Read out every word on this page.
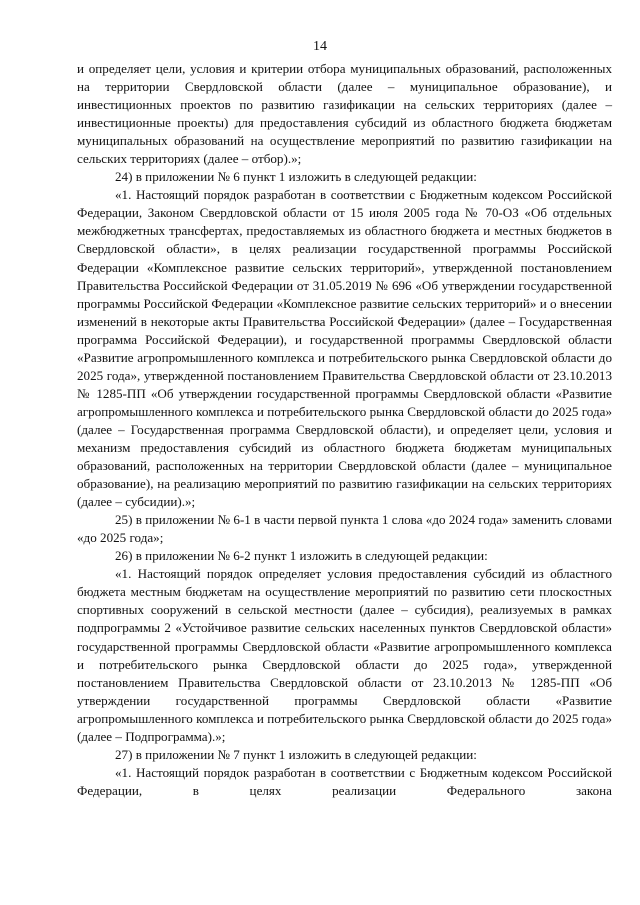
14

и определяет цели, условия и критерии отбора муниципальных образований, расположенных на территории Свердловской области (далее – муниципальное образование), и инвестиционных проектов по развитию газификации на сельских территориях (далее – инвестиционные проекты) для предоставления субсидий из областного бюджета бюджетам муниципальных образований на осуществление мероприятий по развитию газификации на сельских территориях (далее – отбор).»;

24) в приложении № 6 пункт 1 изложить в следующей редакции:

«1. Настоящий порядок разработан в соответствии с Бюджетным кодексом Российской Федерации, Законом Свердловской области от 15 июля 2005 года № 70-ОЗ «Об отдельных межбюджетных трансфертах, предоставляемых из областного бюджета и местных бюджетов в Свердловской области», в целях реализации государственной программы Российской Федерации «Комплексное развитие сельских территорий», утвержденной постановлением Правительства Российской Федерации от 31.05.2019 № 696 «Об утверждении государственной программы Российской Федерации «Комплексное развитие сельских территорий» и о внесении изменений в некоторые акты Правительства Российской Федерации» (далее – Государственная программа Российской Федерации), и государственной программы Свердловской области «Развитие агропромышленного комплекса и потребительского рынка Свердловской области до 2025 года», утвержденной постановлением Правительства Свердловской области от 23.10.2013 № 1285-ПП «Об утверждении государственной программы Свердловской области «Развитие агропромышленного комплекса и потребительского рынка Свердловской области до 2025 года» (далее – Государственная программа Свердловской области), и определяет цели, условия и механизм предоставления субсидий из областного бюджета бюджетам муниципальных образований, расположенных на территории Свердловской области (далее – муниципальное образование), на реализацию мероприятий по развитию газификации на сельских территориях (далее – субсидии).»;

25) в приложении № 6-1 в части первой пункта 1 слова «до 2024 года» заменить словами «до 2025 года»;

26) в приложении № 6-2 пункт 1 изложить в следующей редакции:

«1. Настоящий порядок определяет условия предоставления субсидий из областного бюджета местным бюджетам на осуществление мероприятий по развитию сети плоскостных спортивных сооружений в сельской местности (далее – субсидия), реализуемых в рамках подпрограммы 2 «Устойчивое развитие сельских населенных пунктов Свердловской области» государственной программы Свердловской области «Развитие агропромышленного комплекса и потребительского рынка Свердловской области до 2025 года», утвержденной постановлением Правительства Свердловской области от 23.10.2013 № 1285-ПП «Об утверждении государственной программы Свердловской области «Развитие агропромышленного комплекса и потребительского рынка Свердловской области до 2025 года» (далее – Подпрограмма).»;

27) в приложении № 7 пункт 1 изложить в следующей редакции:

«1. Настоящий порядок разработан в соответствии с Бюджетным кодексом Российской Федерации, в целях реализации Федерального закона
